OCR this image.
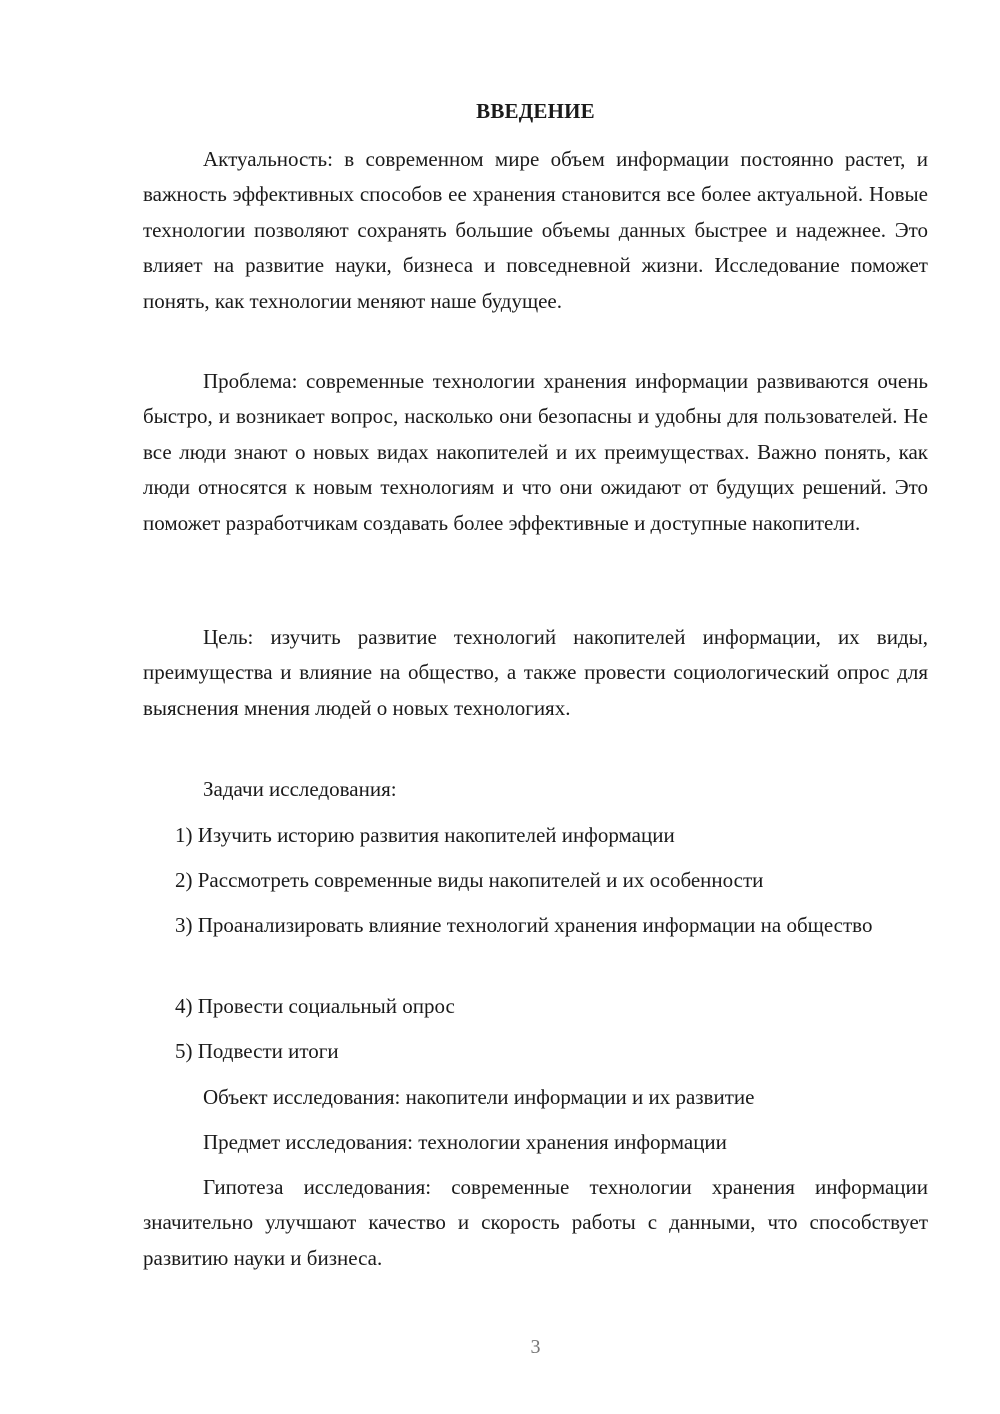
ВВЕДЕНИЕ

Актуальность: в современном мире объем информации постоянно растет, и важность эффективных способов ее хранения становится все более актуальной. Новые технологии позволяют сохранять большие объемы данных быстрее и надежнее. Это влияет на развитие науки, бизнеса и повседневной жизни. Исследование поможет понять, как технологии меняют наше будущее.

Проблема: современные технологии хранения информации развиваются очень быстро, и возникает вопрос, насколько они безопасны и удобны для пользователей. Не все люди знают о новых видах накопителей и их преимуществах. Важно понять, как люди относятся к новым технологиям и что они ожидают от будущих решений. Это поможет разработчикам создавать более эффективные и доступные накопители.

Цель: изучить развитие технологий накопителей информации, их виды, преимущества и влияние на общество, а также провести социологический опрос для выяснения мнения людей о новых технологиях.

Задачи исследования:

1) Изучить историю развития накопителей информации

2) Рассмотреть современные виды накопителей и их особенности

3) Проанализировать влияние технологий хранения информации на общество

4) Провести социальный опрос

5) Подвести итоги

Объект исследования: накопители информации и их развитие

Предмет исследования: технологии хранения информации

Гипотеза исследования: современные технологии хранения информации значительно улучшают качество и скорость работы с данными, что способствует развитию науки и бизнеса.

3
